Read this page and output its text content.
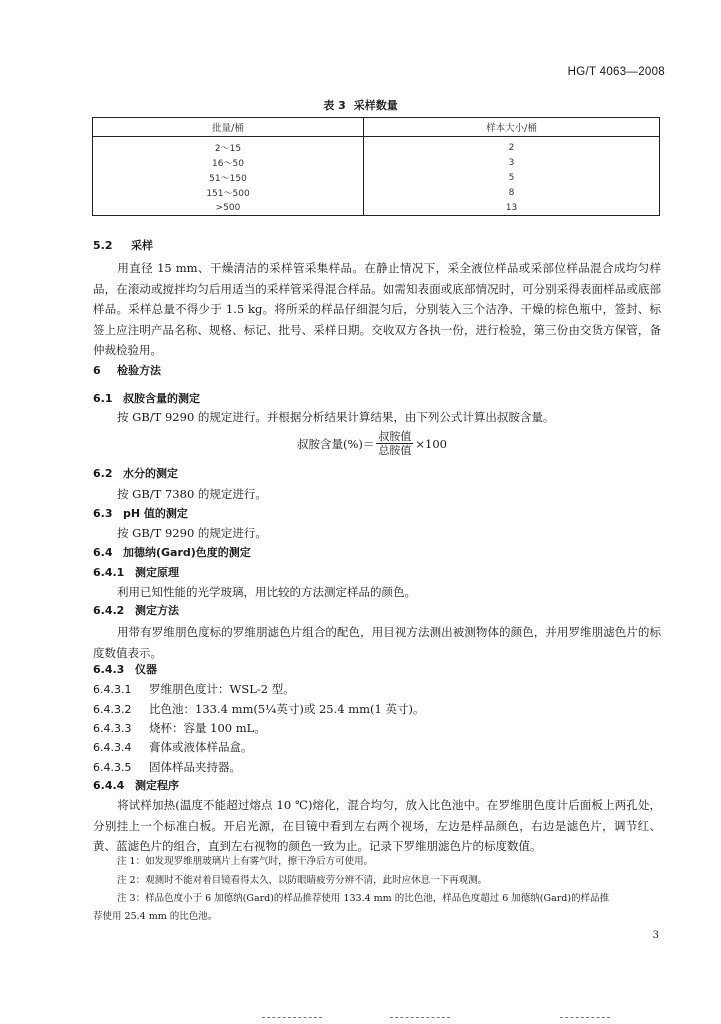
HG/T 4063—2008
表 3 采样数量
批量/桶	样本大小/桶
2～15	2
16～50	3
51～150	5
151～500	8
>500	13
5.2 采样
用直径 15 mm、干燥清洁的采样管采集样品。在静止情况下，采全液位样品或采部位样品混合成均匀样品，在滚动或搅拌均匀后用适当的采样管采得混合样品。如需知表面或底部情况时，可分别采得表面样品或底部样品。采样总量不得少于 1.5 kg。将所采的样品仔细混匀后，分别装入三个洁净、干燥的棕色瓶中，签封、标签上应注明产品名称、规格、标记、批号、采样日期。交收双方各执一份，进行检验，第三份由交货方保管，备仲裁检验用。
6 检验方法
6.1 叔胺含量的测定
按 GB/T 9290 的规定进行。并根据分析结果计算结果，由下列公式计算出叔胺含量。
叔胺含量(%)＝ $\frac{\text{叔胺值}}{\text{总胺值}} \times 100$
6.2 水分的测定
按 GB/T 7380 的规定进行。
6.3 pH 值的测定
按 GB/T 9290 的规定进行。
6.4 加德纳(Gard)色度的测定
6.4.1 测定原理
利用已知性能的光学玻璃，用比较的方法测定样品的颜色。
6.4.2 测定方法
用带有罗维朋色度标的罗维朋滤色片组合的配色，用目视方法测出被测物体的颜色，并用罗维朋滤色片的标度数值表示。
6.4.3 仪器
6.4.3.1 罗维朋色度计：WSL-2 型。
6.4.3.2 比色池：133.4 mm(5¼英寸)或 25.4 mm(1 英寸)。
6.4.3.3 烧杯：容量 100 mL。
6.4.3.4 膏体或液体样品盒。
6.4.3.5 固体样品夹持器。
6.4.4 测定程序
将试样加热(温度不能超过熔点 10 ℃)熔化，混合均匀，放入比色池中。在罗维朋色度计后面板上两孔处，分别挂上一个标准白板。开启光源，在目镜中看到左右两个视场，左边是样品颜色，右边是滤色片，调节红、黄、蓝滤色片的组合，直到左右视物的颜色一致为止。记录下罗维朋滤色片的标度数值。
注 1：如发现罗维朋玻璃片上有雾气时，擦干净后方可使用。
注 2：观测时不能对着目镜看得太久，以防眼睛疲劳分辨不清，此时应休息一下再观测。
注 3：样品色度小于 6 加德纳(Gard)的样品推荐使用 133.4 mm 的比色池，样品色度超过 6 加德纳(Gard)的样品推
荐使用 25.4 mm 的比色池。
3
